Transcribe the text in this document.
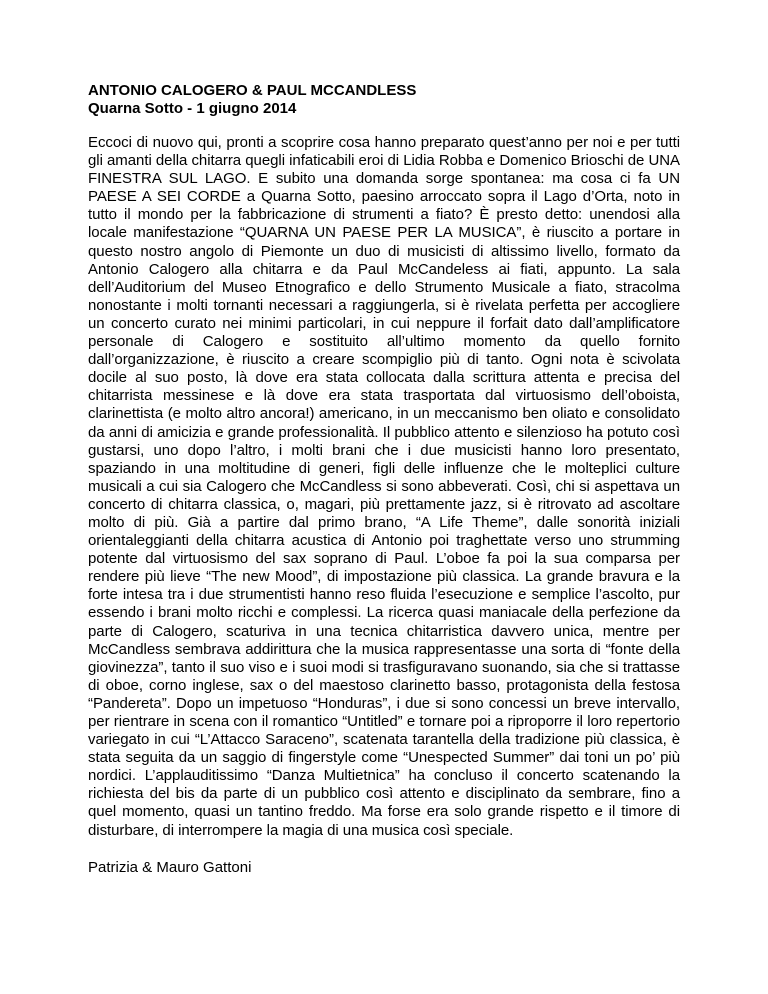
ANTONIO CALOGERO & PAUL MCCANDLESS

Quarna Sotto - 1 giugno 2014

Eccoci di nuovo qui, pronti a scoprire cosa hanno preparato quest’anno per noi e per tutti gli amanti della chitarra quegli infaticabili eroi di Lidia Robba e Domenico Brioschi de UNA FINESTRA SUL LAGO. E subito una domanda sorge spontanea: ma cosa ci fa UN PAESE A SEI CORDE a Quarna Sotto, paesino arroccato sopra il Lago d’Orta, noto in tutto il mondo per la fabbricazione di strumenti a fiato? È presto detto: unendosi alla locale manifestazione “QUARNA UN PAESE PER LA MUSICA”, è riuscito a portare in questo nostro angolo di Piemonte un duo di musicisti di altissimo livello, formato da Antonio Calogero alla chitarra e da Paul McCandeless ai fiati, appunto. La sala dell’Auditorium del Museo Etnografico e dello Strumento Musicale a fiato, stracolma nonostante i molti tornanti necessari a raggiungerla, si è rivelata perfetta per accogliere un concerto curato nei minimi particolari, in cui neppure il forfait dato dall’amplificatore personale di Calogero e sostituito all’ultimo momento da quello fornito dall’organizzazione, è riuscito a creare scompiglio più di tanto. Ogni nota è scivolata docile al suo posto, là dove era stata collocata dalla scrittura attenta e precisa del chitarrista messinese e là dove era stata trasportata dal virtuosismo dell’oboista, clarinettista (e molto altro ancora!) americano, in un meccanismo ben oliato e consolidato da anni di amicizia e grande professionalità. Il pubblico attento e silenzioso ha potuto così gustarsi, uno dopo l’altro, i molti brani che i due musicisti hanno loro presentato, spaziando in una moltitudine di generi, figli delle influenze che le molteplici culture musicali a cui sia Calogero che McCandless si sono abbeverati. Così, chi si aspettava un concerto di chitarra classica, o, magari, più prettamente jazz, si è ritrovato ad ascoltare molto di più. Già a partire dal primo brano, “A Life Theme”, dalle sonorità iniziali orientaleggianti della chitarra acustica di Antonio poi traghettate verso uno strumming potente dal virtuosismo del sax soprano di Paul. L’oboe fa poi la sua comparsa per rendere più lieve “The new Mood”, di impostazione più classica. La grande bravura e la forte intesa tra i due strumentisti hanno reso fluida l’esecuzione e semplice l’ascolto, pur essendo i brani molto ricchi e complessi. La ricerca quasi maniacale della perfezione da parte di Calogero, scaturiva in una tecnica chitarristica davvero unica, mentre per McCandless sembrava addirittura che la musica rappresentasse una sorta di “fonte della giovinezza”, tanto il suo viso e i suoi modi si trasfiguravano suonando, sia che si trattasse di oboe, corno inglese, sax o del maestoso clarinetto basso, protagonista della festosa “Pandereta”. Dopo un impetuoso “Honduras”, i due si sono concessi un breve intervallo, per rientrare in scena con il romantico “Untitled” e tornare poi a riproporre il loro repertorio variegato in cui “L’Attacco Saraceno”, scatenata tarantella della tradizione più classica, è stata seguita da un saggio di fingerstyle come “Unespected Summer” dai toni un po’ più nordici. L’applauditissimo “Danza Multietnica” ha concluso il concerto scatenando la richiesta del bis da parte di un pubblico così attento e disciplinato da sembrare, fino a quel momento, quasi un tantino freddo. Ma forse era solo grande rispetto e il timore di disturbare, di interrompere la magia di una musica così speciale.

Patrizia & Mauro Gattoni
